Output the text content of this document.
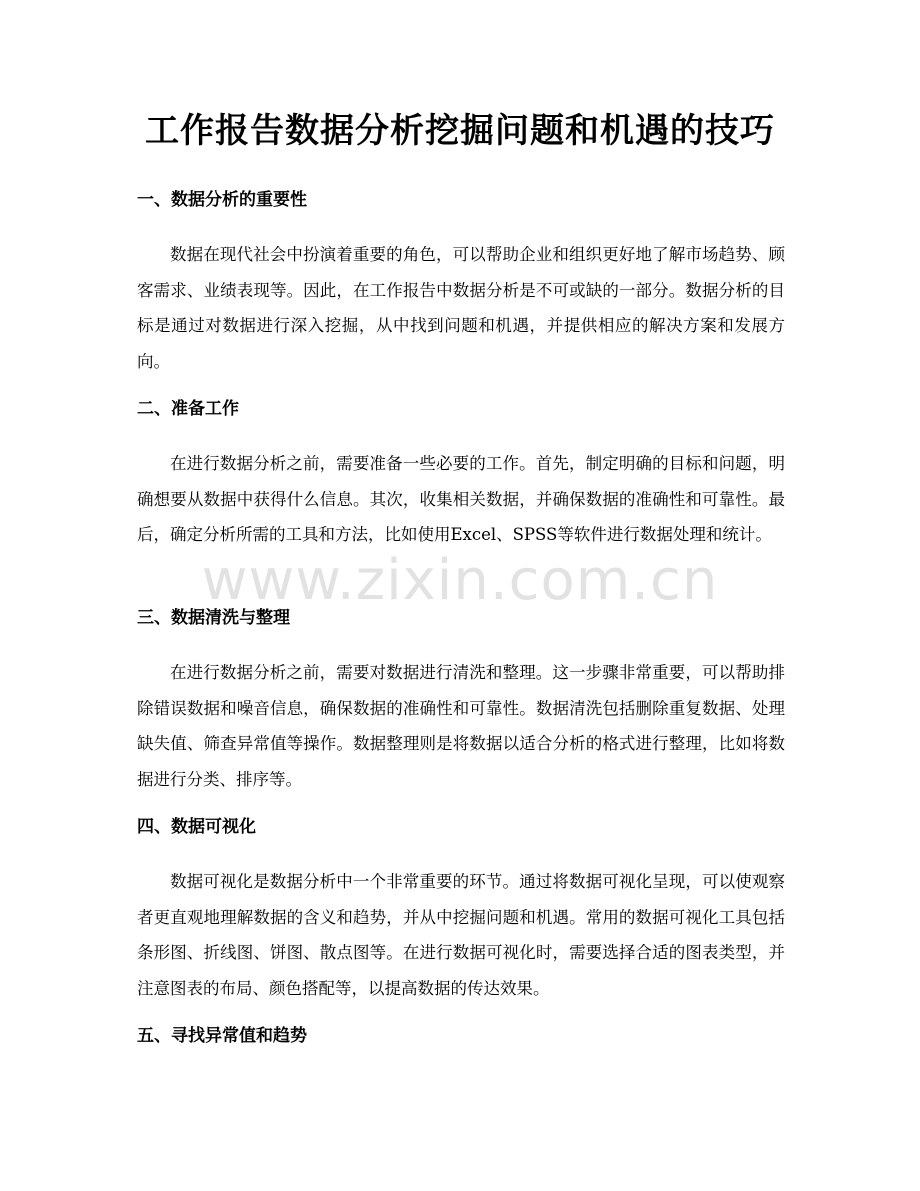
工作报告数据分析挖掘问题和机遇的技巧
一、数据分析的重要性

数据在现代社会中扮演着重要的角色，可以帮助企业和组织更好地了解市场趋势、顾客需求、业绩表现等。因此，在工作报告中数据分析是不可或缺的一部分。数据分析的目标是通过对数据进行深入挖掘，从中找到问题和机遇，并提供相应的解决方案和发展方向。

二、准备工作

在进行数据分析之前，需要准备一些必要的工作。首先，制定明确的目标和问题，明确想要从数据中获得什么信息。其次，收集相关数据，并确保数据的准确性和可靠性。最后，确定分析所需的工具和方法，比如使用Excel、SPSS等软件进行数据处理和统计。

三、数据清洗与整理

在进行数据分析之前，需要对数据进行清洗和整理。这一步骤非常重要，可以帮助排除错误数据和噪音信息，确保数据的准确性和可靠性。数据清洗包括删除重复数据、处理缺失值、筛查异常值等操作。数据整理则是将数据以适合分析的格式进行整理，比如将数据进行分类、排序等。

四、数据可视化

数据可视化是数据分析中一个非常重要的环节。通过将数据可视化呈现，可以使观察者更直观地理解数据的含义和趋势，并从中挖掘问题和机遇。常用的数据可视化工具包括条形图、折线图、饼图、散点图等。在进行数据可视化时，需要选择合适的图表类型，并注意图表的布局、颜色搭配等，以提高数据的传达效果。

五、寻找异常值和趋势
www.zixin.com.cn
